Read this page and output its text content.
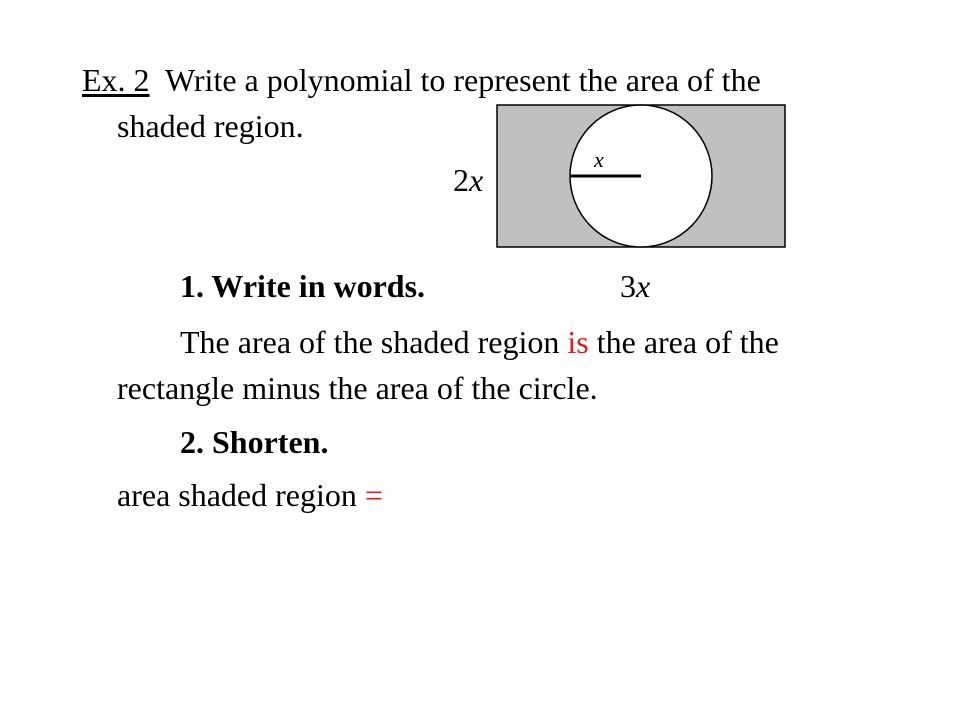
Ex. 2 Write a polynomial to represent the area of the

shaded region.

x

2x

1. Write in words.	3x

The area of the shaded region is the area of the

rectangle minus the area of the circle.

2. Shorten.

area shaded region =
